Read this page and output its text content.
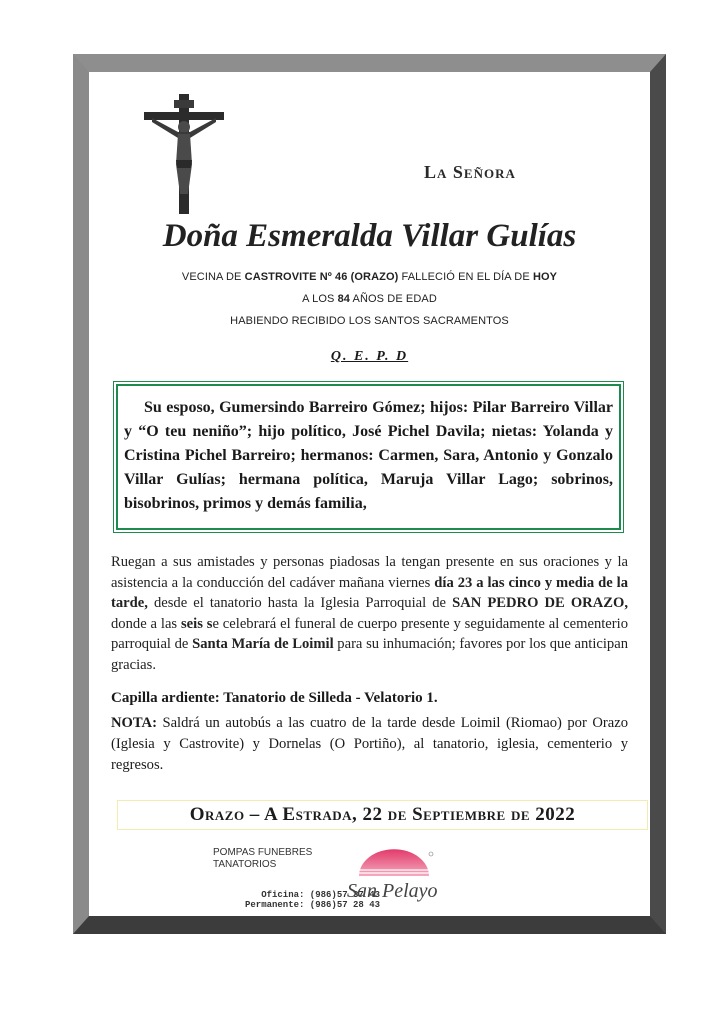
La Señora
Doña Esmeralda Villar Gulías
VECINA DE CASTROVITE Nº 46 (ORAZO) FALLECIÓ EN EL DÍA DE HOY
A LOS 84 AÑOS DE EDAD
HABIENDO RECIBIDO LOS SANTOS SACRAMENTOS
Q. E. P. D

Su esposo, Gumersindo Barreiro Gómez; hijos: Pilar Barreiro Villar y “O teu neniño”; hijo político, José Pichel Davila; nietas: Yolanda y Cristina Pichel Barreiro; hermanos: Carmen, Sara, Antonio y Gonzalo Villar Gulías; hermana política, Maruja Villar Lago; sobrinos, bisobrinos, primos y demás familia,

Ruegan a sus amistades y personas piadosas la tengan presente en sus oraciones y la asistencia a la conducción del cadáver mañana viernes día 23 a las cinco y media de la tarde, desde el tanatorio hasta la Iglesia Parroquial de SAN PEDRO DE ORAZO, donde a las seis se celebrará el funeral de cuerpo presente y seguidamente al cementerio parroquial de Santa María de Loimil para su inhumación; favores por los que anticipan gracias.
Capilla ardiente: Tanatorio de Silleda - Velatorio 1.
NOTA: Saldrá un autobús a las cuatro de la tarde desde Loimil (Riomao) por Orazo (Iglesia y Castrovite) y Dornelas (O Portiño), al tanatorio, iglesia, cementerio y regresos.
Orazo – A Estrada, 22 de Septiembre de 2022
POMPAS FUNEBRES
TANATORIOS
Oficina: (986)57 37 43
Permanente: (986)57 28 43
San Pelayo
